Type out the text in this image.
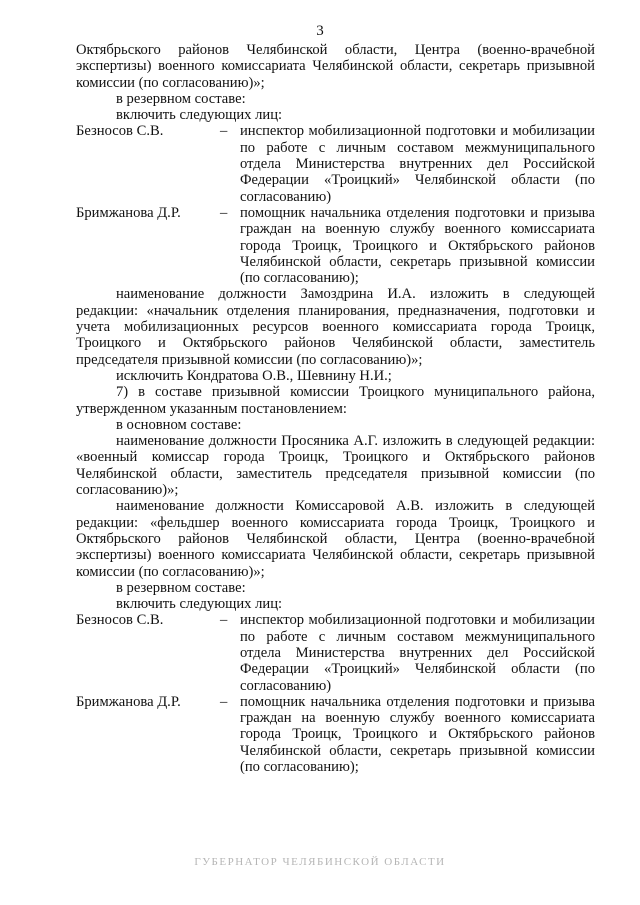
3
Октябрьского районов Челябинской области, Центра (военно-врачебной экспертизы) военного комиссариата Челябинской области, секретарь призывной комиссии (по согласованию)»;
в резервном составе:
включить следующих лиц:
Безносов С.В.	– инспектор мобилизационной подготовки и мобилизации по работе с личным составом межмуниципального отдела Министерства внутренних дел Российской Федерации «Троицкий» Челябинской области (по согласованию)
Бримжанова Д.Р.	– помощник начальника отделения подготовки и призыва граждан на военную службу военного комиссариата города Троицк, Троицкого и Октябрьского районов Челябинской области, секретарь призывной комиссии (по согласованию);
наименование должности Замоздрина И.А. изложить в следующей редакции: «начальник отделения планирования, предназначения, подготовки и учета мобилизационных ресурсов военного комиссариата города Троицк, Троицкого и Октябрьского районов Челябинской области, заместитель председателя призывной комиссии (по согласованию)»;
исключить Кондратова О.В., Шевнину Н.И.;
7) в составе призывной комиссии Троицкого муниципального района, утвержденном указанным постановлением:
в основном составе:
наименование должности Просяника А.Г. изложить в следующей редакции: «военный комиссар города Троицк, Троицкого и Октябрьского районов Челябинской области, заместитель председателя призывной комиссии (по согласованию)»;
наименование должности Комиссаровой А.В. изложить в следующей редакции: «фельдшер военного комиссариата города Троицк, Троицкого и Октябрьского районов Челябинской области, Центра (военно-врачебной экспертизы) военного комиссариата Челябинской области, секретарь призывной комиссии (по согласованию)»;
в резервном составе:
включить следующих лиц:
Безносов С.В.	– инспектор мобилизационной подготовки и мобилизации по работе с личным составом межмуниципального отдела Министерства внутренних дел Российской Федерации «Троицкий» Челябинской области (по согласованию)
Бримжанова Д.Р.	– помощник начальника отделения подготовки и призыва граждан на военную службу военного комиссариата города Троицк, Троицкого и Октябрьского районов Челябинской области, секретарь призывной комиссии (по согласованию);
ГУБЕРНАТОР ЧЕЛЯБИНСКОЙ ОБЛАСТИ
